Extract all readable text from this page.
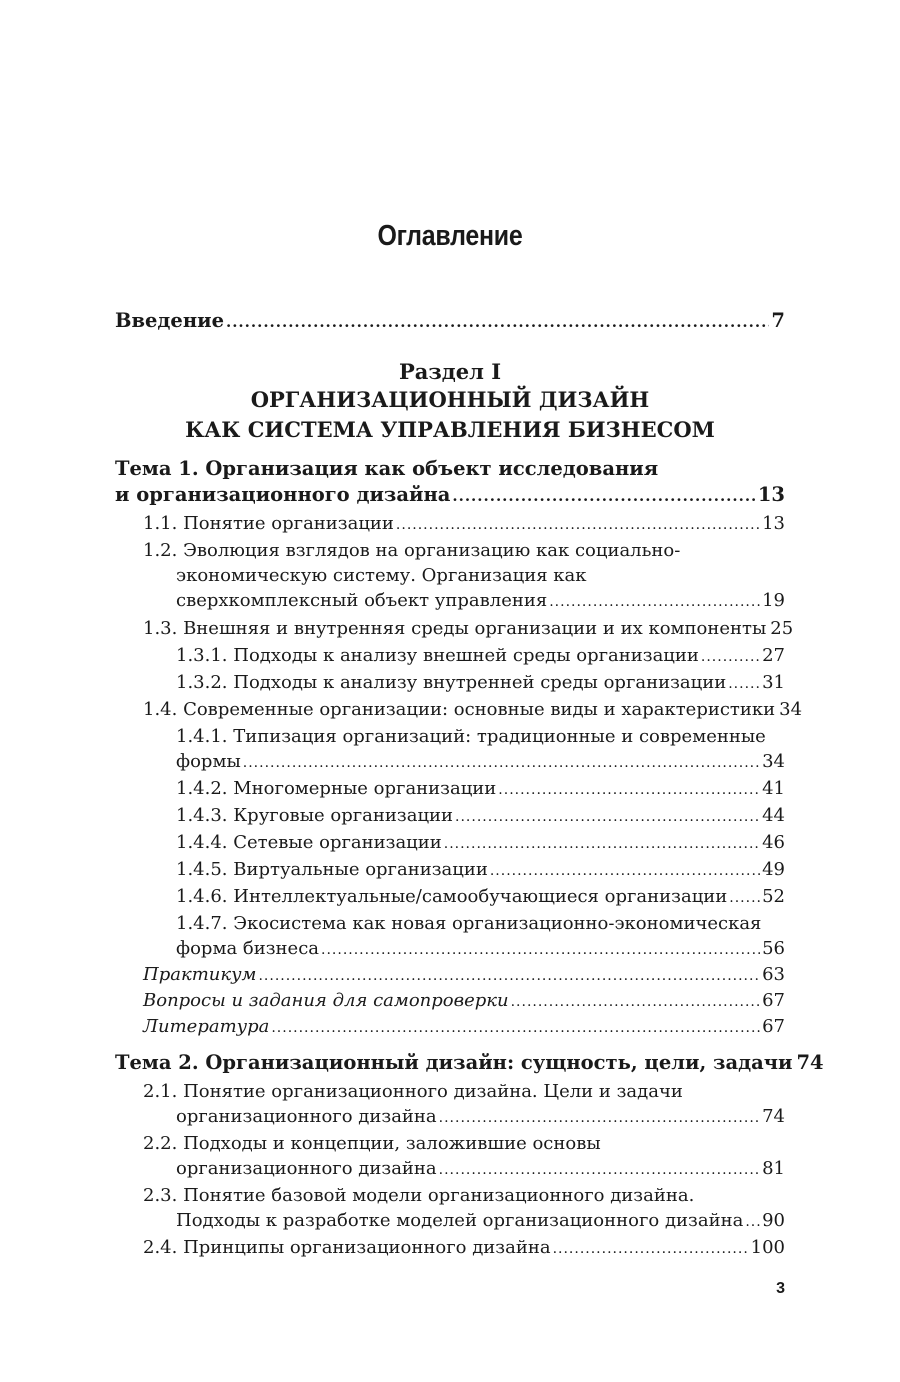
Оглавление
Введение .....	7
Раздел I
ОРГАНИЗАЦИОННЫЙ ДИЗАЙН
КАК СИСТЕМА УПРАВЛЕНИЯ БИЗНЕСОМ
Тема 1. Организация как объект исследования
и организационного дизайна .....	13
1.1. Понятие организации .....	13
1.2. Эволюция взглядов на организацию как социально-
экономическую систему. Организация как
сверхкомплексный объект управления .....	19
1.3. Внешняя и внутренняя среды организации и их компоненты 25
1.3.1. Подходы к анализу внешней среды организации .....	27
1.3.2. Подходы к анализу внутренней среды организации ..... 31
1.4. Современные организации: основные виды и характеристики 34
1.4.1. Типизация организаций: традиционные и современные
формы .....	34
1.4.2. Многомерные организации .....	41
1.4.3. Круговые организации .....	44
1.4.4. Сетевые организации .....	46
1.4.5. Виртуальные организации .....	49
1.4.6. Интеллектуальные/самообучающиеся организации ..... 52
1.4.7. Экосистема как новая организационно-экономическая
форма бизнеса .....	56
Практикум .....	63
Вопросы и задания для самопроверки .....	67
Литература .....	67
Тема 2. Организационный дизайн: сущность, цели, задачи 74
2.1. Понятие организационного дизайна. Цели и задачи
организационного дизайна .....	74
2.2. Подходы и концепции, заложившие основы
организационного дизайна .....	81
2.3. Понятие базовой модели организационного дизайна.
Подходы к разработке моделей организационного дизайна ..... 90
2.4. Принципы организационного дизайна .....	100
3
